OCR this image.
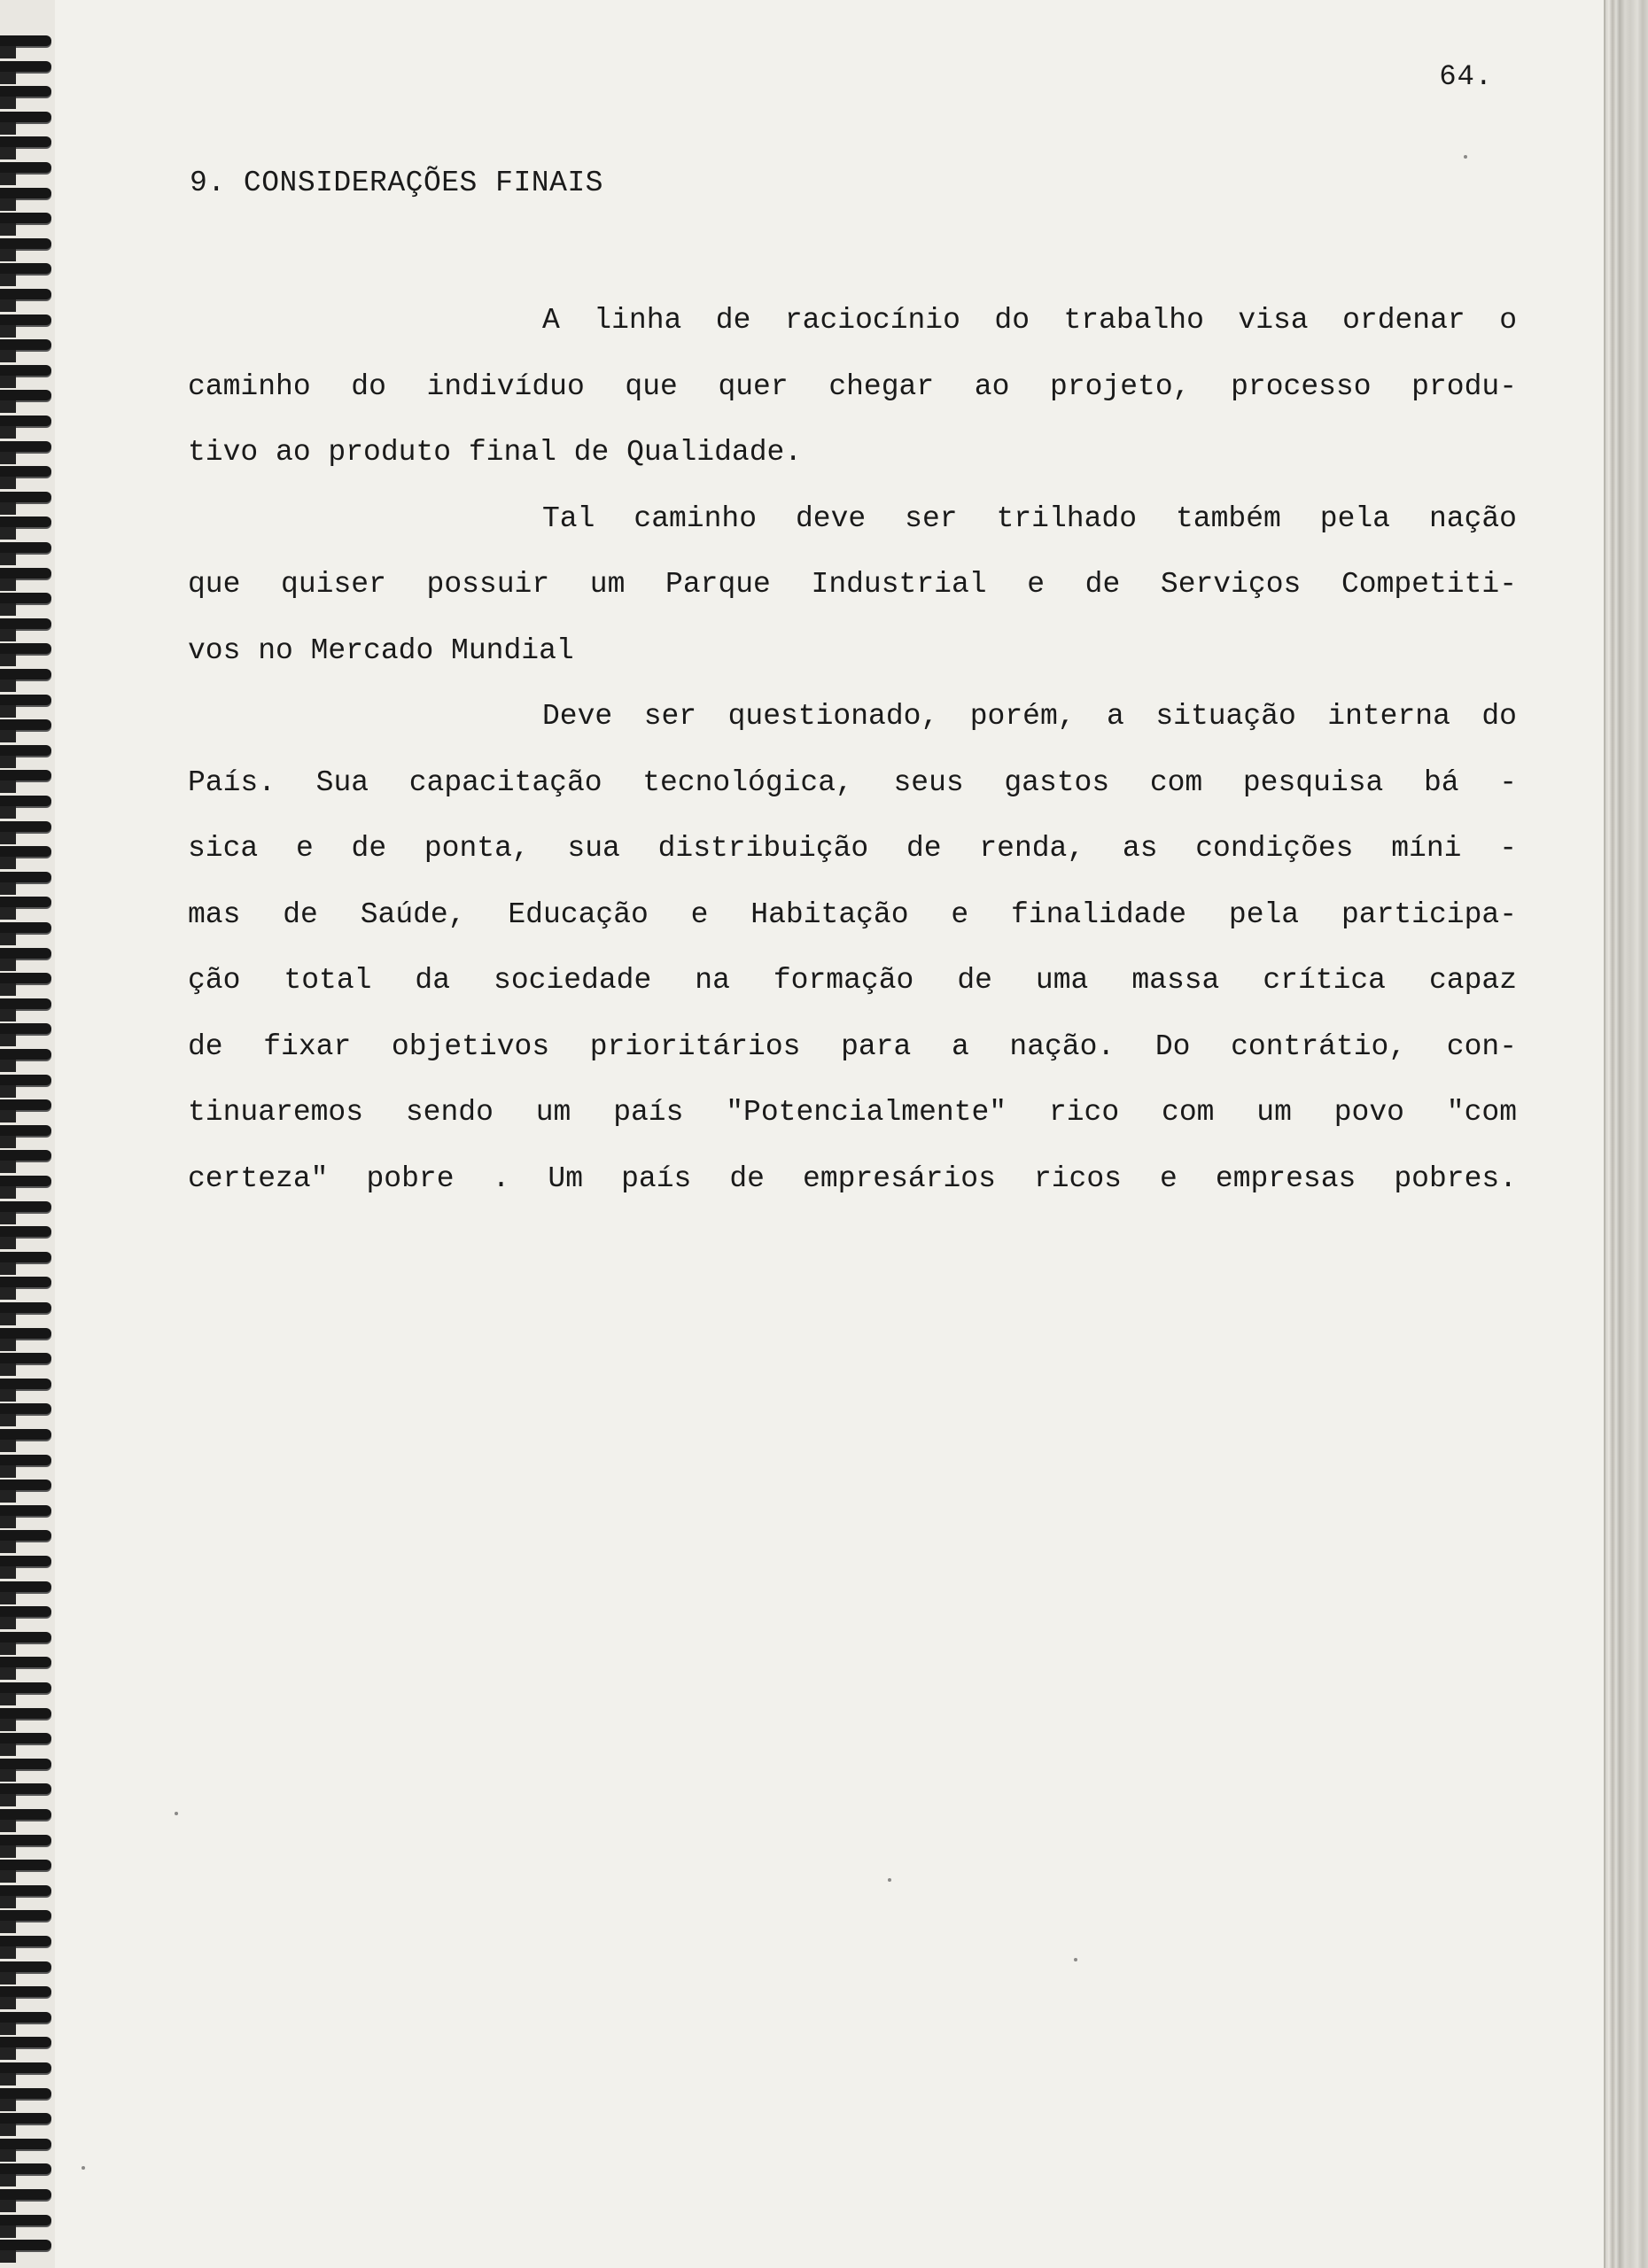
64.
9. CONSIDERAÇÕES FINAIS

A linha de raciocínio do trabalho visa ordenar o
caminho do indivíduo que quer chegar ao projeto, processo produ-
tivo ao produto final de Qualidade.

Tal caminho deve ser trilhado também pela nação
que quiser possuir um Parque Industrial e de Serviços Competiti-
vos no Mercado Mundial

Deve ser questionado, porém, a situação interna do
País. Sua capacitação tecnológica, seus gastos com pesquisa bá -
sica e de ponta, sua distribuição de renda, as condições míni -
mas de Saúde, Educação e Habitação e finalidade pela participa-
ção total da sociedade na formação de uma massa crítica capaz
de fixar objetivos prioritários para a nação. Do contrátio, con-
tinuaremos sendo um país "Potencialmente" rico com um povo "com
certeza" pobre . Um país de empresários ricos e empresas pobres.
